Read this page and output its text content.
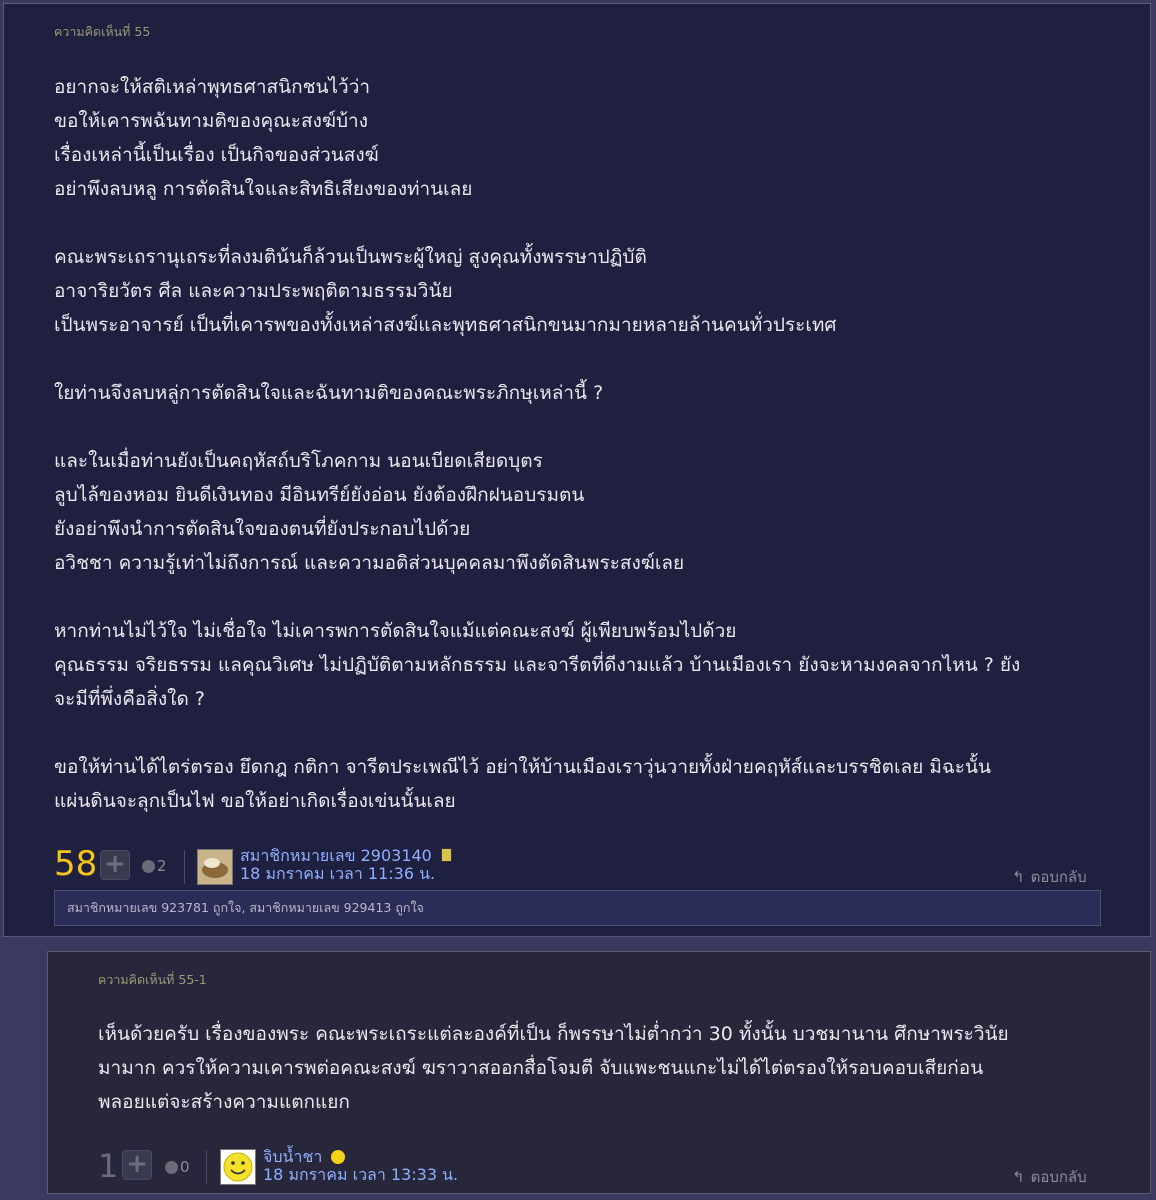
ความคิดเห็นที่ 55

อยากจะให้สติเหล่าพุทธศาสนิกชนไว้ว่า

ขอให้เคารพฉันทามติของคุณะสงฆ์บ้าง

เรื่องเหล่านี้เป็นเรื่อง เป็นกิจของส่วนสงฆ์

อย่าพึงลบหลู การตัดสินใจและสิทธิเสียงของท่านเลย

คณะพระเถรานุเถระที่ลงมติน้นก็ล้วนเป็นพระผู้ใหญ่ สูงคุณทั้งพรรษาปฏิบัติ

อาจาริยวัตร ศีล และความประพฤติตามธรรมวินัย

เป็นพระอาจารย์ เป็นที่เคารพของทั้งเหล่าสงฆ์และพุทธศาสนิกขนมากมายหลายล้านคนทั่วประเทศ

ใยท่านจึงลบหลู่การตัดสินใจและฉันทามติของคณะพระภิกษุเหล่านี้ ?

และในเมื่อท่านยังเป็นคฤหัสถ์บริโภคกาม นอนเบียดเสียดบุตร

ลูบไล้ของหอม ยินดีเงินทอง มีอินทรีย์ยังอ่อน ยังต้องฝึกฝนอบรมตน

ยังอย่าพึงนำการตัดสินใจของตนที่ยังประกอบไปด้วย

อวิชชา ความรู้เท่าไม่ถึงการณ์ และความอติส่วนบุคคลมาพึงตัดสินพระสงฆ์เลย

หากท่านไม่ไว้ใจ ไม่เชื่อใจ ไม่เคารพการตัดสินใจแม้แต่คณะสงฆ์ ผู้เพียบพร้อมไปด้วย

คุณธรรม จริยธรรม แลคุณวิเศษ ไม่ปฏิบัติตามหลักธรรม และจารีตที่ดีงามแล้ว บ้านเมืองเรา ยังจะหามงคลจากไหน ? ยัง

จะมีที่พึ่งคือสิ่งใด ?

ขอให้ท่านได้ไตร่ตรอง ยึดกฎ กติกา จารีตประเพณีไว้ อย่าให้บ้านเมืองเราวุ่นวายทั้งฝ่ายคฤหัส์และบรรชิตเลย มิฉะนั้น

แผ่นดินจะลุกเป็นไฟ ขอให้อย่าเกิดเรื่องเข่นนั้นเลย

58 + 2
สมาชิกหมายเลข 2903140
18 มกราคม เวลา 11:36 น.	↰ ตอบกลับ
สมาชิกหมายเลข 923781 ถูกใจ, สมาชิกหมายเลข 929413 ถูกใจ
ความคิดเห็นที่ 55-1

เห็นด้วยครับ เรื่องของพระ คณะพระเถระแต่ละองค์ที่เป็น ก็พรรษาไม่ต่ำกว่า 30 ทั้งนั้น บวชมานาน ศึกษาพระวินัย

มามาก ควรให้ความเคารพต่อคณะสงฆ์ ฆราวาสออกสื่อโจมตี จับแพะชนแกะไม่ได้ไต่ตรองให้รอบคอบเสียก่อน

พลอยแต่จะสร้างความแตกแยก

1 + 0
จิบน้ำชา
18 มกราคม เวลา 13:33 น.	↰ ตอบกลับ
